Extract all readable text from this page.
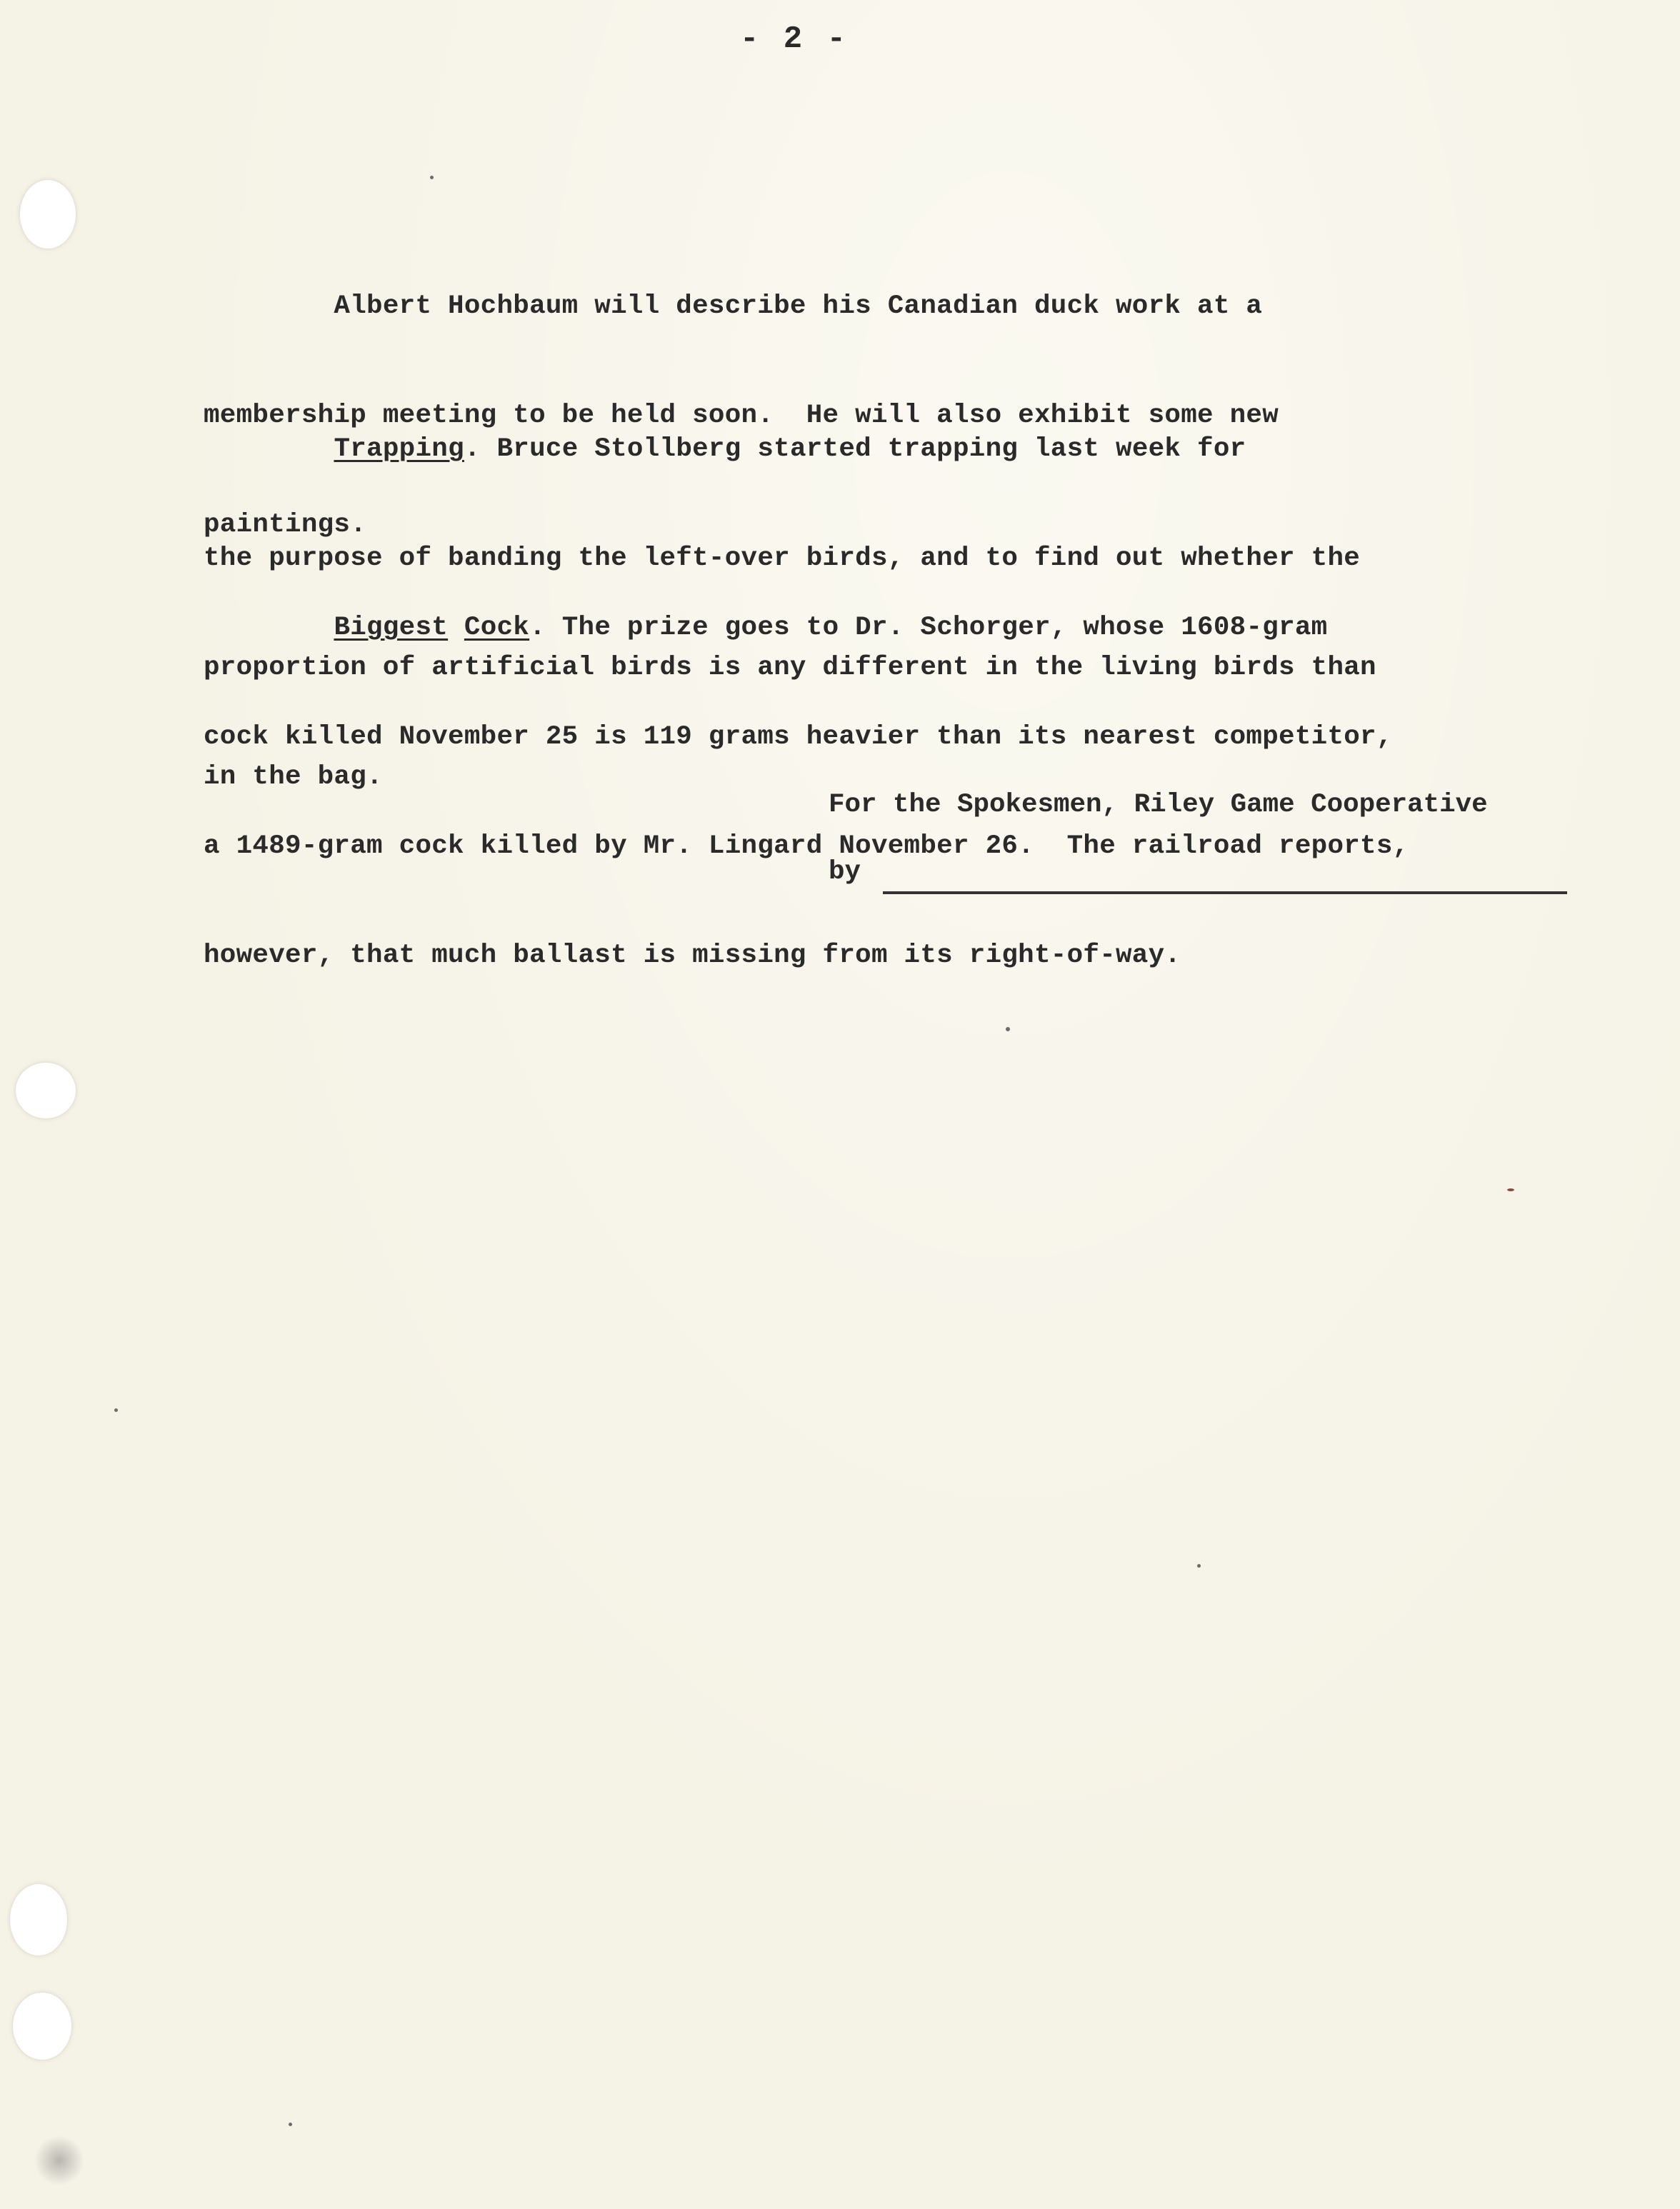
- 2 -

Albert Hochbaum will describe his Canadian duck work at a

membership meeting to be held soon.  He will also exhibit some new

paintings.

Trapping. Bruce Stollberg started trapping last week for

the purpose of banding the left-over birds, and to find out whether the

proportion of artificial birds is any different in the living birds than

in the bag.

Biggest Cock. The prize goes to Dr. Schorger, whose 1608-gram

cock killed November 25 is 119 grams heavier than its nearest competitor,

a 1489-gram cock killed by Mr. Lingard November 26.  The railroad reports,

however, that much ballast is missing from its right-of-way.

For the Spokesmen, Riley Game Cooperative
by
